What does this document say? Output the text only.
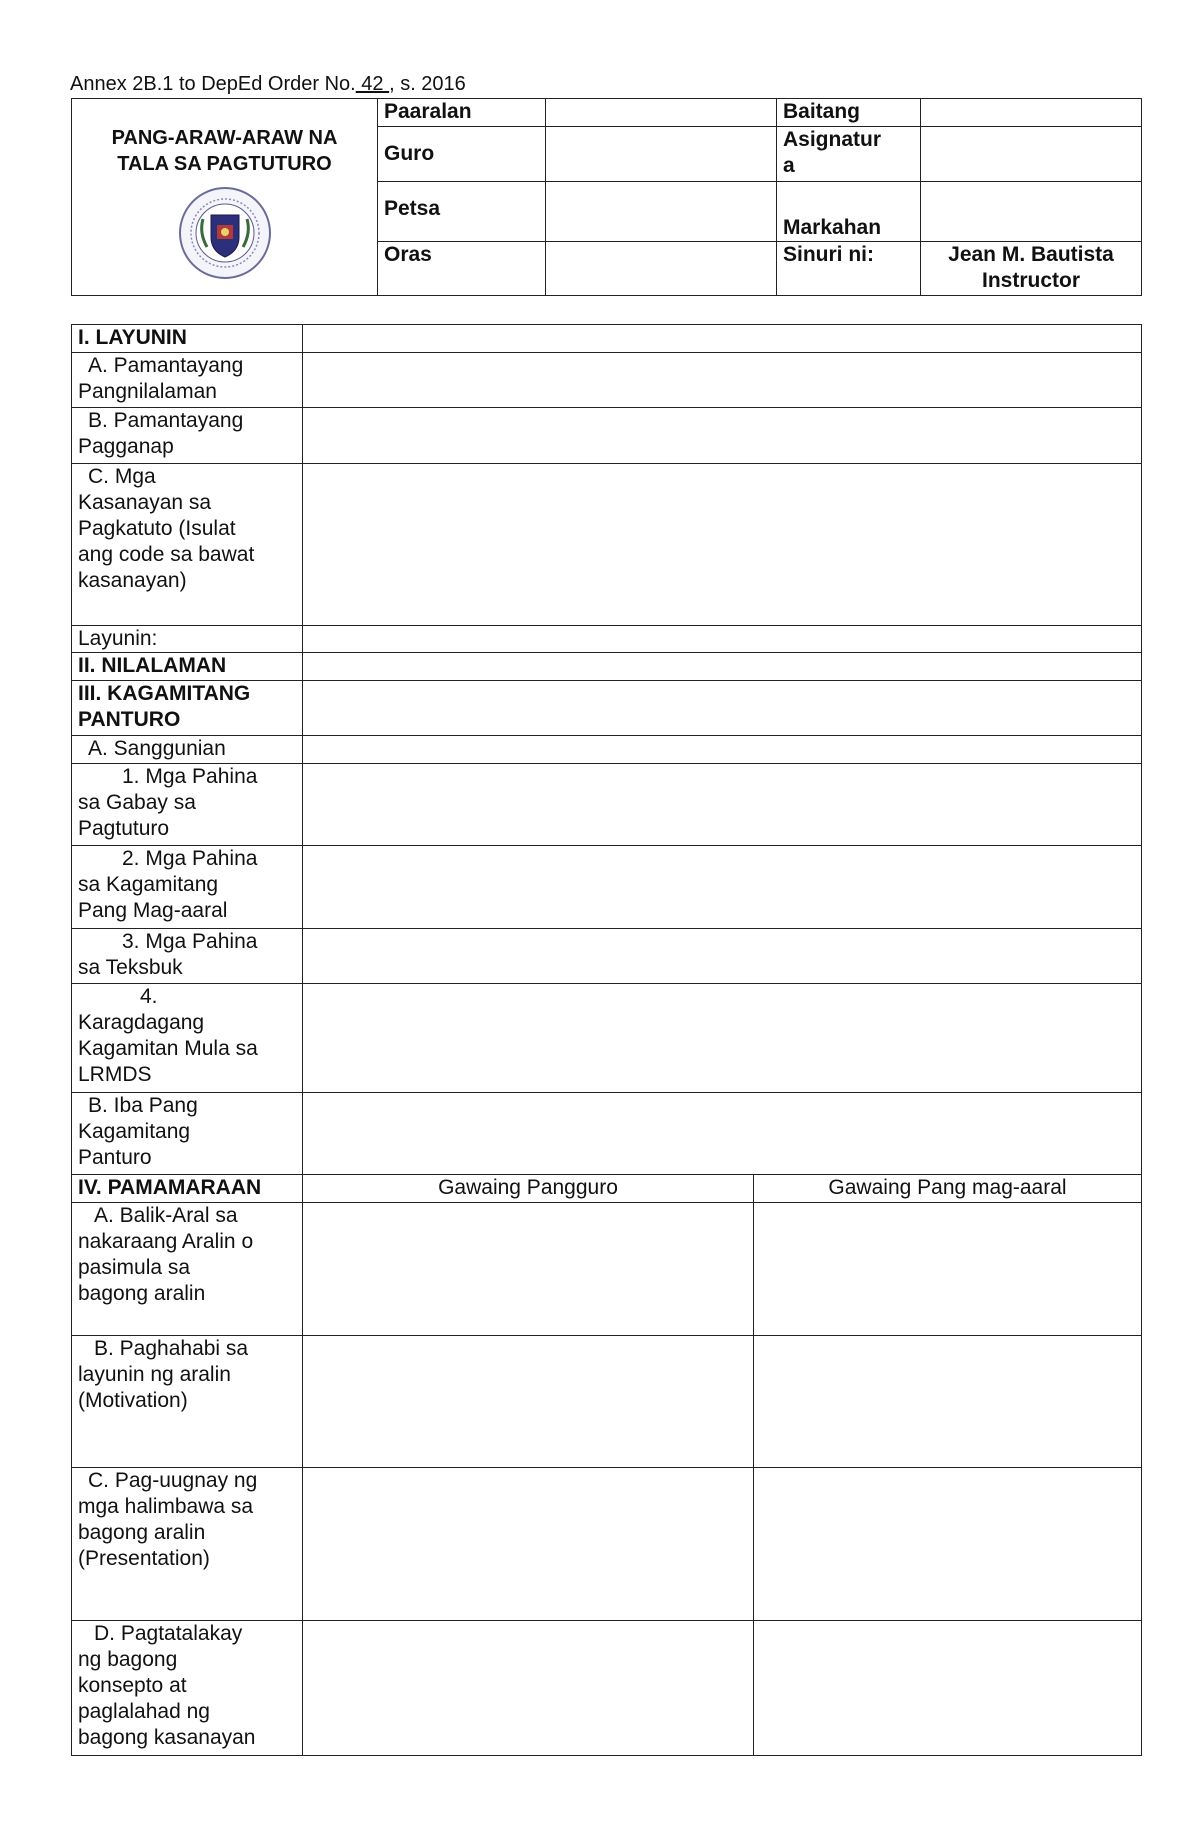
Annex 2B.1 to DepEd Order No. 42 , s. 2016
PANG-ARAW-ARAW NA
TALA SA PAGTUTURO	Paaralan		Baitang	
	Guro		Asignatur
a	

	Petsa		Markahan	
	Oras		Sinuri ni:	Jean M. Bautista
Instructor
I. LAYUNIN		

A. Pamantayang
Pangnilalaman		

B. Pamantayang
Pagganap		

C. Mga
Kasanayan sa
Pagkatuto (Isulat
ang code sa bawat
kasanayan)		

Layunin:		
II. NILALAMAN		

III. KAGAMITANG
PANTURO		

A. Sanggunian		

1. Mga Pahina
sa Gabay sa
Pagtuturo		

2. Mga Pahina
sa Kagamitang
Pang Mag-aaral		

3. Mga Pahina
sa Teksbuk		

4.
Karagdagang
Kagamitan Mula sa
LRMDS		

B. Iba Pang
Kagamitang
Panturo		

IV. PAMAMARAAN	Gawaing Pangguro	Gawaing Pang mag-aaral

A. Balik-Aral sa
nakaraang Aralin o
pasimula sa
bagong aralin		

B. Paghahabi sa
layunin ng aralin
(Motivation)		

C. Pag-uugnay ng
mga halimbawa sa
bagong aralin
(Presentation)		

D. Pagtatalakay
ng bagong
konsepto at
paglalahad ng
bagong kasanayan		
